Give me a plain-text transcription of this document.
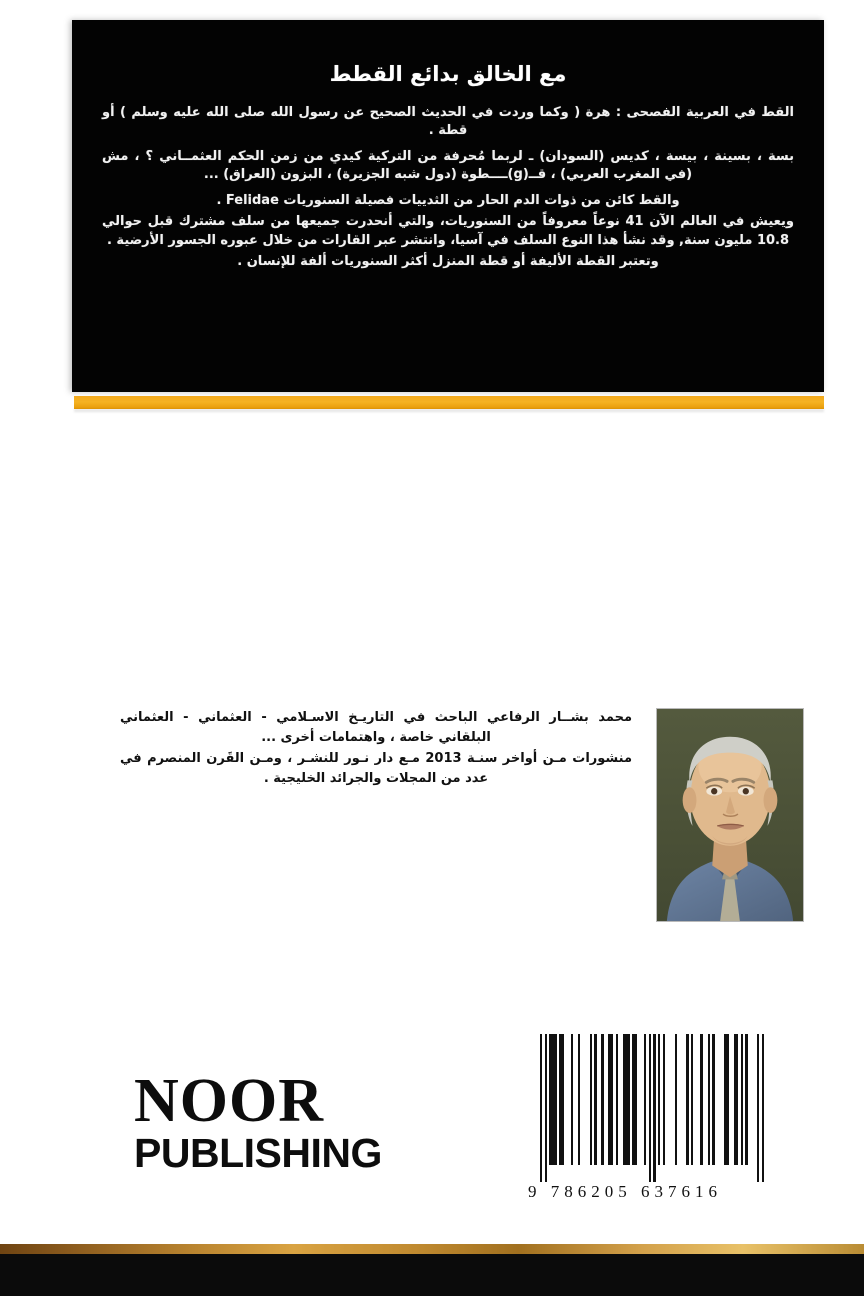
مع الخالق بدائع القطط

القط في العربية الفصحى : هرة ( وكما وردت في الحديث الصحيح عن رسول الله صلى الله عليه وسلم ) أو قطة .

بسة ، بسينة ، بيسة ، كديس (السودان) ـ لربما مُحرفة من التركية كيدي من زمن الحكم العثمــاني ؟ ، مش (في المغرب العربي) ، قــ(g)ــــطوة (دول شبه الجزيرة) ، البزون (العراق) ...

والقط كائن من ذوات الدم الحار من الثدييات فصيلة السنوريات Felidae .

ويعيش في العالم الآن 41 نوعاً معروفاً من السنوريات، والتي أنحدرت جميعها من سلف مشترك قبل حوالي 10.8 مليون سنة, وقد نشأ هذا النوع السلف في آسيا، وانتشر عبر القارات من خلال عبوره الجسور الأرضية .

وتعتبر القطة الأليفة أو قطة المنزل أكثر السنوريات ألفة للإنسان .

محمد بشــار الرفاعي الباحث في التاريـخ الاسـلامي - العثماني - العثماني البلقاني خاصة ، واهتمامات أخرى ...

منشورات مـن أواخر سنـة 2013 مـع دار نـور للنشـر ، ومـن القَرن المنصرم في عدد من المجلات والجرائد الخليجية .

NOOR
PUBLISHING
9 786205 637616
